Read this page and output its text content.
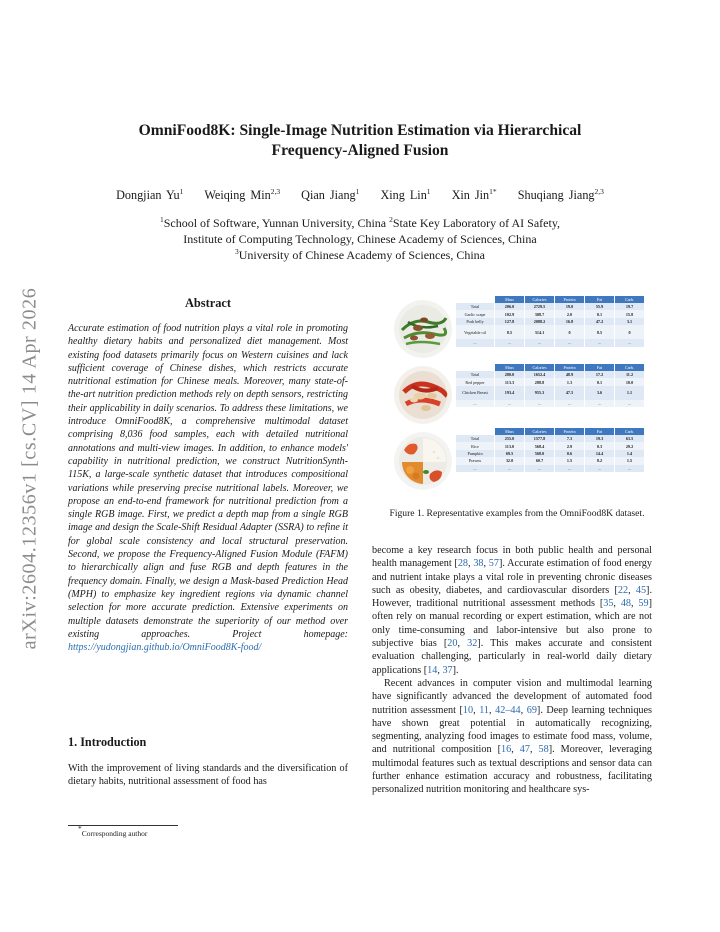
arXiv:2604.12356v1 [cs.CV] 14 Apr 2026
OmniFood8K: Single-Image Nutrition Estimation via Hierarchical
Frequency-Aligned Fusion
Dongjian Yu$^1$ Weiqing Min$^{2,3}$ Qian Jiang$^1$ Xing Lin$^1$ Xin Jin$^{1*}$ Shuqiang Jiang$^{2,3}$
$^1$School of Software, Yunnan University, China $^2$State Key Laboratory of AI Safety,
Institute of Computing Technology, Chinese Academy of Sciences, China
$^3$University of Chinese Academy of Sciences, China
Abstract

Accurate estimation of food nutrition plays a vital role in promoting healthy dietary habits and personalized diet management. Most existing food datasets primarily focus on Western cuisines and lack sufficient coverage of Chinese dishes, which restricts accurate nutritional estimation for Chinese meals. Moreover, many state-of-the-art nutrition prediction methods rely on depth sensors, restricting their applicability in daily scenarios. To address these limitations, we introduce OmniFood8K, a comprehensive multimodal dataset comprising 8,036 food samples, each with detailed nutritional annotations and multi-view images. In addition, to enhance models' capability in nutritional prediction, we construct NutritionSynth-115K, a large-scale synthetic dataset that introduces compositional variations while preserving precise nutritional labels. Moreover, we propose an end-to-end framework for nutritional prediction from a single RGB image. First, we predict a depth map from a single RGB image and design the Scale-Shift Residual Adapter (SSRA) to refine it for global scale consistency and local structural preservation. Second, we propose the Frequency-Aligned Fusion Module (FAFM) to hierarchically align and fuse RGB and depth features in the frequency domain. Finally, we design a Mask-based Prediction Head (MPH) to emphasize key ingredient regions via dynamic channel selection for more accurate prediction. Extensive experiments on multiple datasets demonstrate the superiority of our method over existing approaches. Project homepage: https://yudongjian.github.io/OmniFood8K-food/

1. Introduction

With the improvement of living standards and the diversification of dietary habits, nutritional assessment of food has

*Corresponding author
	Mass	Calories	Protein	Fat	Carb.
Total	206.0	2729.5	19.0	55.9	19.7
Garlic scape	102.9	308.7	2.0	0.1	15.8
Pork belly	127.8	2088.2	16.8	47.2	3.1
Vegetable oil	8.5	314.1	0	8.5	0
...	...	...	...	...	...
	Mass	Calories	Protein	Fat	Carb.
Total	280.0	1652.4	48.9	17.2	11.2
Red pepper	113.3	288.8	1.3	0.1	10.0
Chicken Breast	193.4	955.3	47.5	3.6	1.1
...	...	...	...	...	...
	Mass	Calories	Protein	Fat	Carb.
Total	255.0	1577.8	7.3	19.3	63.5
Rice	113.0	568.4	2.9	0.3	29.2
Pumpkin	69.5	568.0	0.6	14.4	1.4
Prawns	32.0	60.7	1.5	8.2	1.5
...	...	...	...	...	...
Figure 1. Representative examples from the OmniFood8K dataset.

become a key research focus in both public health and personal health management [28, 38, 57]. Accurate estimation of food energy and nutrient intake plays a vital role in preventing chronic diseases such as obesity, diabetes, and cardiovascular disorders [22, 45]. However, traditional nutritional assessment methods [35, 48, 59] often rely on manual recording or expert estimation, which are not only time-consuming and labor-intensive but also prone to subjective bias [20, 32]. This makes accurate and consistent evaluation challenging, particularly in real-world daily dietary applications [14, 37].
Recent advances in computer vision and multimodal learning have significantly advanced the development of automated food nutrition assessment [10, 11, 42–44, 69]. Deep learning techniques have shown great potential in automatically recognizing, segmenting, analyzing food images to estimate food mass, volume, and nutritional composition [16, 47, 58]. Moreover, leveraging multimodal features such as textual descriptions and sensor data can further enhance estimation accuracy and robustness, facilitating personalized nutrition monitoring and healthcare sys-
